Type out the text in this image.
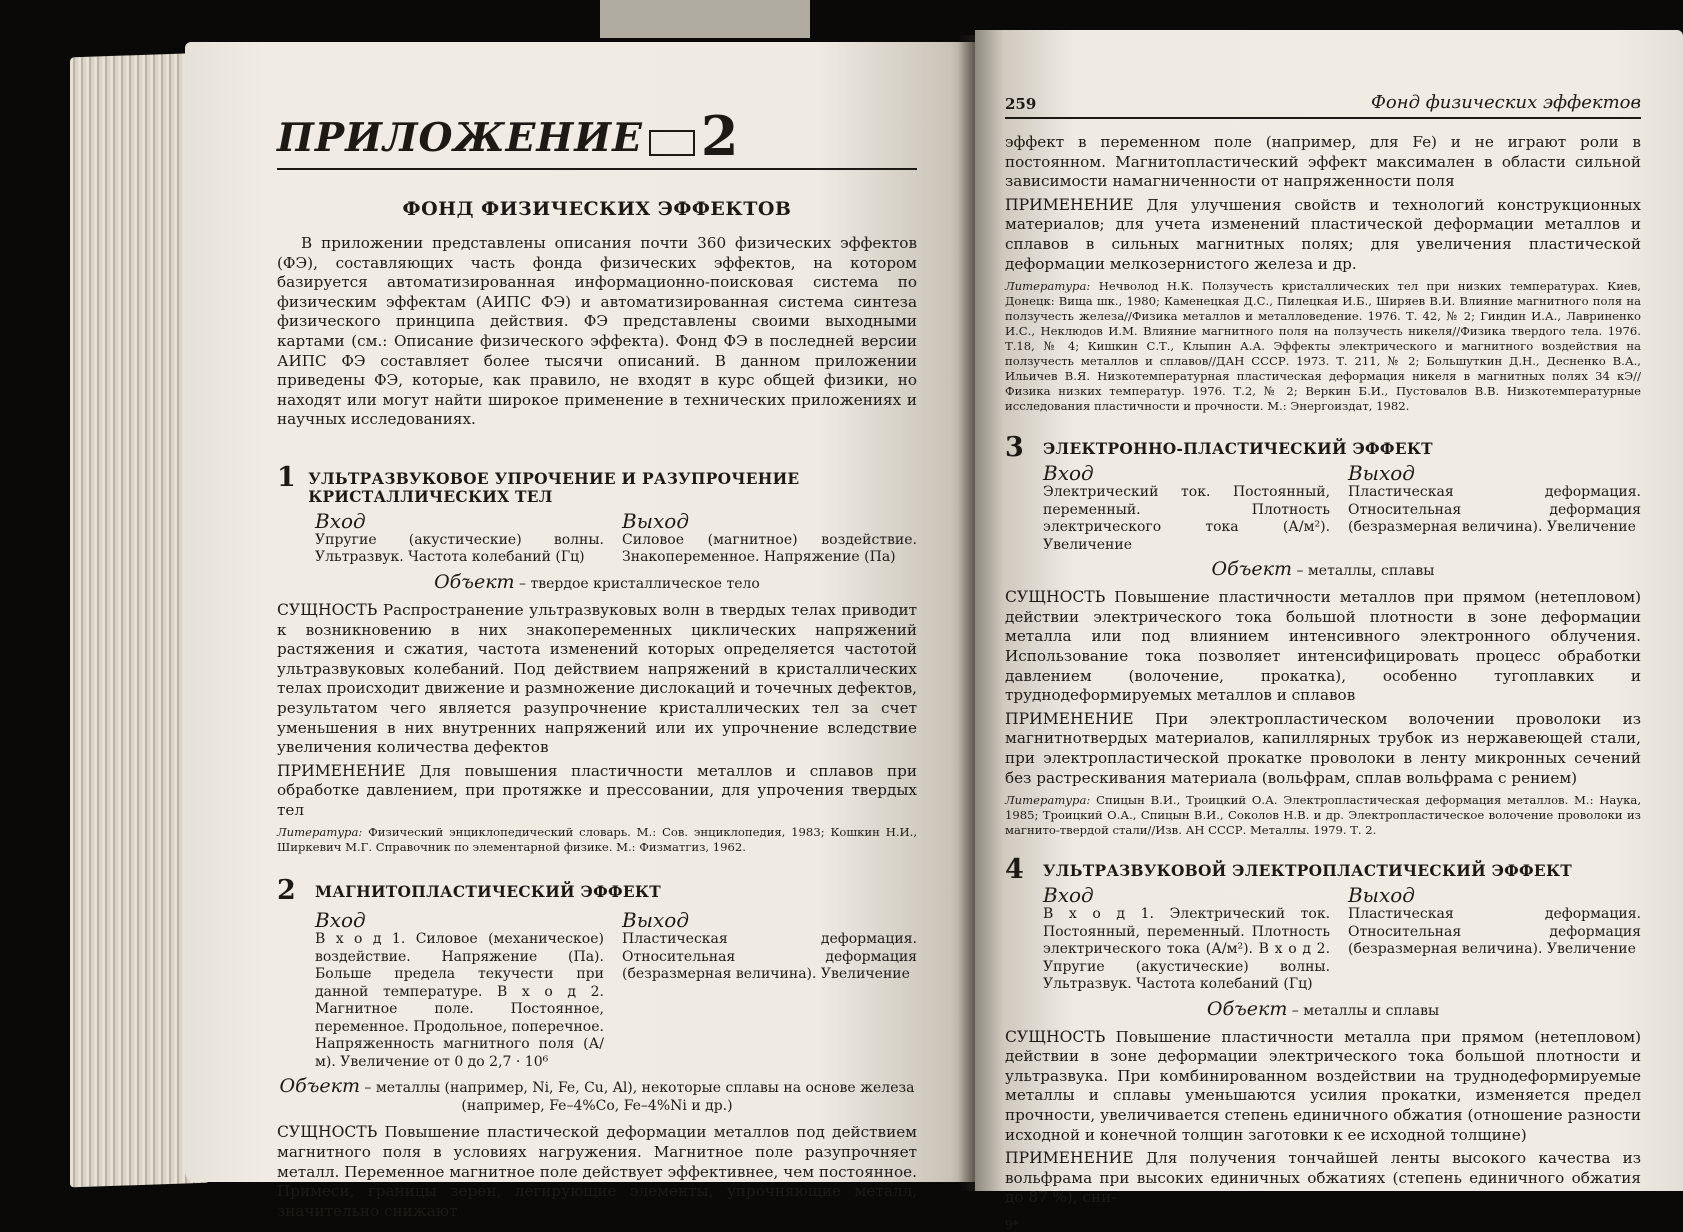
ПРИЛОЖЕНИЕ 2
ФОНД ФИЗИЧЕСКИХ ЭФФЕКТОВ

В приложении представлены описания почти 360 физических эффектов (ФЭ), составляющих часть фонда физических эффектов, на котором базируется автоматизированная информационно-поисковая система по физическим эффектам (АИПС ФЭ) и автоматизированная система синтеза физического принципа действия. ФЭ представлены своими выходными картами (см.: Описание физического эффекта). Фонд ФЭ в последней версии АИПС ФЭ составляет более тысячи описаний. В данном приложении приведены ФЭ, которые, как правило, не входят в курс общей физики, но находят или могут найти широкое применение в технических приложениях и научных исследованиях.

1 УЛЬТРАЗВУКОВОЕ УПРОЧЕНИЕ И РАЗУПРОЧЕНИЕ КРИСТАЛЛИЧЕСКИХ ТЕЛ
Вход
Упругие (акустические) волны. Ультразвук. Частота колебаний (Гц)
Выход
Силовое (магнитное) воздействие. Знакопеременное. Напряжение (Па)
Объект – твердое кристаллическое тело

СУЩНОСТЬ Распространение ультразвуковых волн в твердых телах приводит к возникновению в них знакопеременных циклических напряжений растяжения и сжатия, частота изменений которых определяется частотой ультразвуковых колебаний. Под действием напряжений в кристаллических телах происходит движение и размножение дислокаций и точечных дефектов, результатом чего является разупрочнение кристаллических тел за счет уменьшения в них внутренних напряжений или их упрочнение вследствие увеличения количества дефектов

ПРИМЕНЕНИЕ Для повышения пластичности металлов и сплавов при обработке давлением, при протяжке и прессовании, для упрочения твердых тел

Литература: Физический энциклопедический словарь. М.: Сов. энциклопедия, 1983; Кошкин Н.И., Ширкевич М.Г. Справочник по элементарной физике. М.: Физматгиз, 1962.

2	МАГНИТОПЛАСТИЧЕСКИЙ ЭФФЕКТ
Вход
В х о д 1. Силовое (механическое) воздействие. Напряжение (Па). Больше предела текучести при данной температуре. В х о д 2. Магнитное поле. Постоянное, переменное. Продольное, поперечное. Напряженность магнитного поля (А/м). Увеличение от 0 до 2,7 · 10⁶
Выход
Пластическая деформация. Относительная деформация (безразмерная величина). Увеличение
Объект – металлы (например, Ni, Fe, Cu, Al), некоторые сплавы на основе железа (например, Fe–4%Co, Fe–4%Ni и др.)

СУЩНОСТЬ Повышение пластической деформации металлов под действием магнитного поля в условиях нагружения. Магнитное поле разупрочняет металл. Переменное магнитное поле действует эффективнее, чем постоянное. Примеси, границы зерен, легирующие элементы, упрочняющие металл, значительно снижают

259	Фонд физических эффектов

эффект в переменном поле (например, для Fe) и не играют роли в постоянном. Магнитопластический эффект максимален в области сильной зависимости намагниченности от напряженности поля

ПРИМЕНЕНИЕ Для улучшения свойств и технологий конструкционных материалов; для учета изменений пластической деформации металлов и сплавов в сильных магнитных полях; для увеличения пластической деформации мелкозернистого железа и др.

Литература: Нечволод Н.К. Ползучесть кристаллических тел при низких температурах. Киев, Донецк: Вища шк., 1980; Каменецкая Д.С., Пилецкая И.Б., Ширяев В.И. Влияние магнитного поля на ползучесть железа//Физика металлов и металловедение. 1976. Т. 42, № 2; Гиндин И.А., Лавриненко И.С., Неклюдов И.М. Влияние магнитного поля на ползучесть никеля//Физика твердого тела. 1976. Т.18, № 4; Кишкин С.Т., Клыпин А.А. Эффекты электрического и магнитного воздействия на ползучесть металлов и сплавов//ДАН СССР. 1973. Т. 211, № 2; Большуткин Д.Н., Десненко В.А., Ильичев В.Я. Низкотемпературная пластическая деформация никеля в магнитных полях 34 кЭ//Физика низких температур. 1976. Т.2, № 2; Веркин Б.И., Пустовалов В.В. Низкотемпературные исследования пластичности и прочности. М.: Энергоиздат, 1982.

3	ЭЛЕКТРОННО-ПЛАСТИЧЕСКИЙ ЭФФЕКТ
Вход
Электрический ток. Постоянный, переменный. Плотность электрического тока (А/м²). Увеличение
Выход
Пластическая деформация. Относительная деформация (безразмерная величина). Увеличение
Объект – металлы, сплавы

СУЩНОСТЬ Повышение пластичности металлов при прямом (нетепловом) действии электрического тока большой плотности в зоне деформации металла или под влиянием интенсивного электронного облучения. Использование тока позволяет интенсифицировать процесс обработки давлением (волочение, прокатка), особенно тугоплавких и труднодеформируемых металлов и сплавов

ПРИМЕНЕНИЕ При электропластическом волочении проволоки из магнитнотвердых материалов, капиллярных трубок из нержавеющей стали, при электропластической прокатке проволоки в ленту микронных сечений без растрескивания материала (вольфрам, сплав вольфрама с рением)

Литература: Спицын В.И., Троицкий О.А. Электропластическая деформация металлов. М.: Наука, 1985; Троицкий О.А., Спицын В.И., Соколов Н.В. и др. Электропластическое волочение проволоки из магнито-твердой стали//Изв. АН СССР. Металлы. 1979. Т. 2.

4	УЛЬТРАЗВУКОВОЙ ЭЛЕКТРОПЛАСТИЧЕСКИЙ ЭФФЕКТ
Вход
В х о д 1. Электрический ток. Постоянный, переменный. Плотность электрического тока (А/м²). В х о д 2. Упругие (акустические) волны. Ультразвук. Частота колебаний (Гц)
Выход
Пластическая деформация. Относительная деформация (безразмерная величина). Увеличение
Объект – металлы и сплавы

СУЩНОСТЬ Повышение пластичности металла при прямом (нетепловом) действии в зоне деформации электрического тока большой плотности и ультразвука. При комбинированном воздействии на труднодеформируемые металлы и сплавы уменьшаются усилия прокатки, изменяется предел прочности, увеличивается степень единичного обжатия (отношение разности исходной и конечной толщин заготовки к ее исходной толщине)

ПРИМЕНЕНИЕ Для получения тончайшей ленты высокого качества из вольфрама при высоких единичных обжатиях (степень единичного обжатия до 87 %), сни-

9*
